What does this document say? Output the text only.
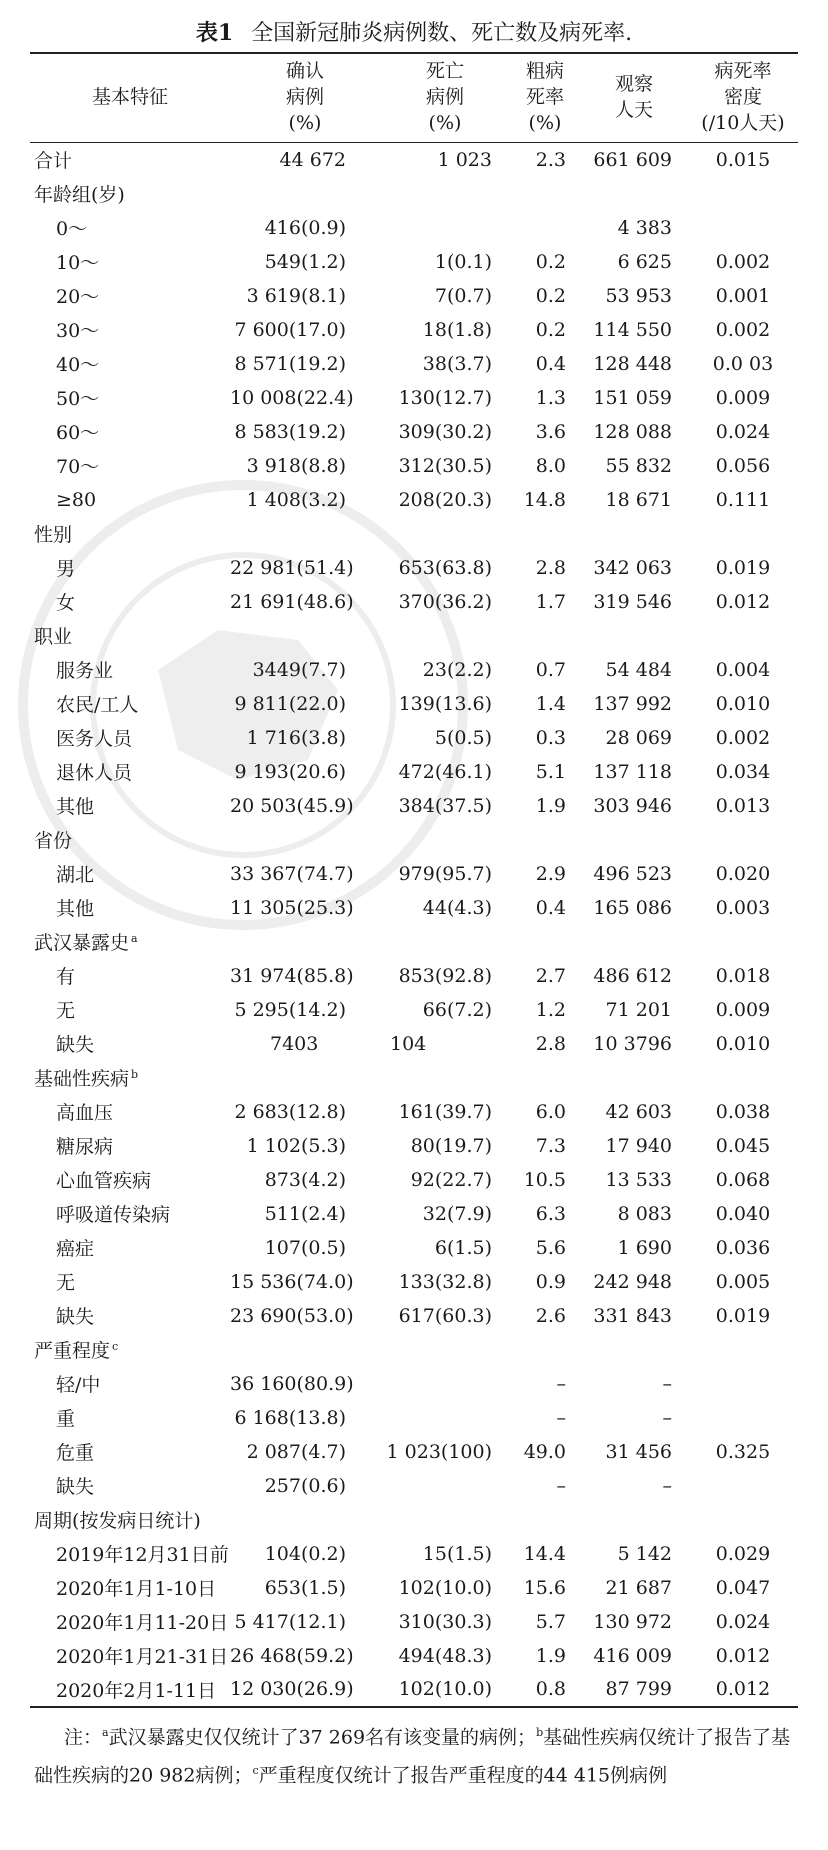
表1 全国新冠肺炎病例数、死亡数及病死率.
基本特征	确认
病例
(%)	死亡
病例
(%)	粗病
死率
(%)	观察
人天	病死率
密度
(/10人天)
合计	44 672	1 023	2.3	661 609	0.015
年龄组(岁)					
0～	416(0.9)			4 383	
10～	549(1.2)	1(0.1)	0.2	6 625	0.002
20～	3 619(8.1)	7(0.7)	0.2	53 953	0.001
30～	7 600(17.0)	18(1.8)	0.2	114 550	0.002
40～	8 571(19.2)	38(3.7)	0.4	128 448	0.0 03
50～	10 008(22.4)	130(12.7)	1.3	151 059	0.009
60～	8 583(19.2)	309(30.2)	3.6	128 088	0.024
70～	3 918(8.8)	312(30.5)	8.0	55 832	0.056
≥80	1 408(3.2)	208(20.3)	14.8	18 671	0.111
性别					
男	22 981(51.4)	653(63.8)	2.8	342 063	0.019
女	21 691(48.6)	370(36.2)	1.7	319 546	0.012
职业					
服务业	3449(7.7)	23(2.2)	0.7	54 484	0.004
农民/工人	9 811(22.0)	139(13.6)	1.4	137 992	0.010
医务人员	1 716(3.8)	5(0.5)	0.3	28 069	0.002
退休人员	9 193(20.6)	472(46.1)	5.1	137 118	0.034
其他	20 503(45.9)	384(37.5)	1.9	303 946	0.013
省份					
湖北	33 367(74.7)	979(95.7)	2.9	496 523	0.020
其他	11 305(25.3)	44(4.3)	0.4	165 086	0.003
武汉暴露史 $^a$					
有	31 974(85.8)	853(92.8)	2.7	486 612	0.018
无	5 295(14.2)	66(7.2)	1.2	71 201	0.009
缺失	7403	104	2.8	10 3796	0.010
基础性疾病 $^b$					
高血压	2 683(12.8)	161(39.7)	6.0	42 603	0.038
糖尿病	1 102(5.3)	80(19.7)	7.3	17 940	0.045
心血管疾病	873(4.2)	92(22.7)	10.5	13 533	0.068
呼吸道传染病	511(2.4)	32(7.9)	6.3	8 083	0.040
癌症	107(0.5)	6(1.5)	5.6	1 690	0.036
无	15 536(74.0)	133(32.8)	0.9	242 948	0.005
缺失	23 690(53.0)	617(60.3)	2.6	331 843	0.019
严重程度 $^c$					
轻/中	36 160(80.9)		–	–	
重	6 168(13.8)		–	–	
危重	2 087(4.7)	1 023(100)	49.0	31 456	0.325
缺失	257(0.6)		–	–	
周期(按发病日统计)					
2019年12月31日前	104(0.2)	15(1.5)	14.4	5 142	0.029
2020年1月1-10日	653(1.5)	102(10.0)	15.6	21 687	0.047
2020年1月11-20日	5 417(12.1)	310(30.3)	5.7	130 972	0.024
2020年1月21-31日	26 468(59.2)	494(48.3)	1.9	416 009	0.012
2020年2月1-11日	12 030(26.9)	102(10.0)	0.8	87 799	0.012
注：$^a$武汉暴露史仅仅统计了37 269名有该变量的病例；$^b$基础性疾病仅统计了报告了基础性疾病的20 982病例；$^c$严重程度仅统计了报告严重程度的44 415例病例
